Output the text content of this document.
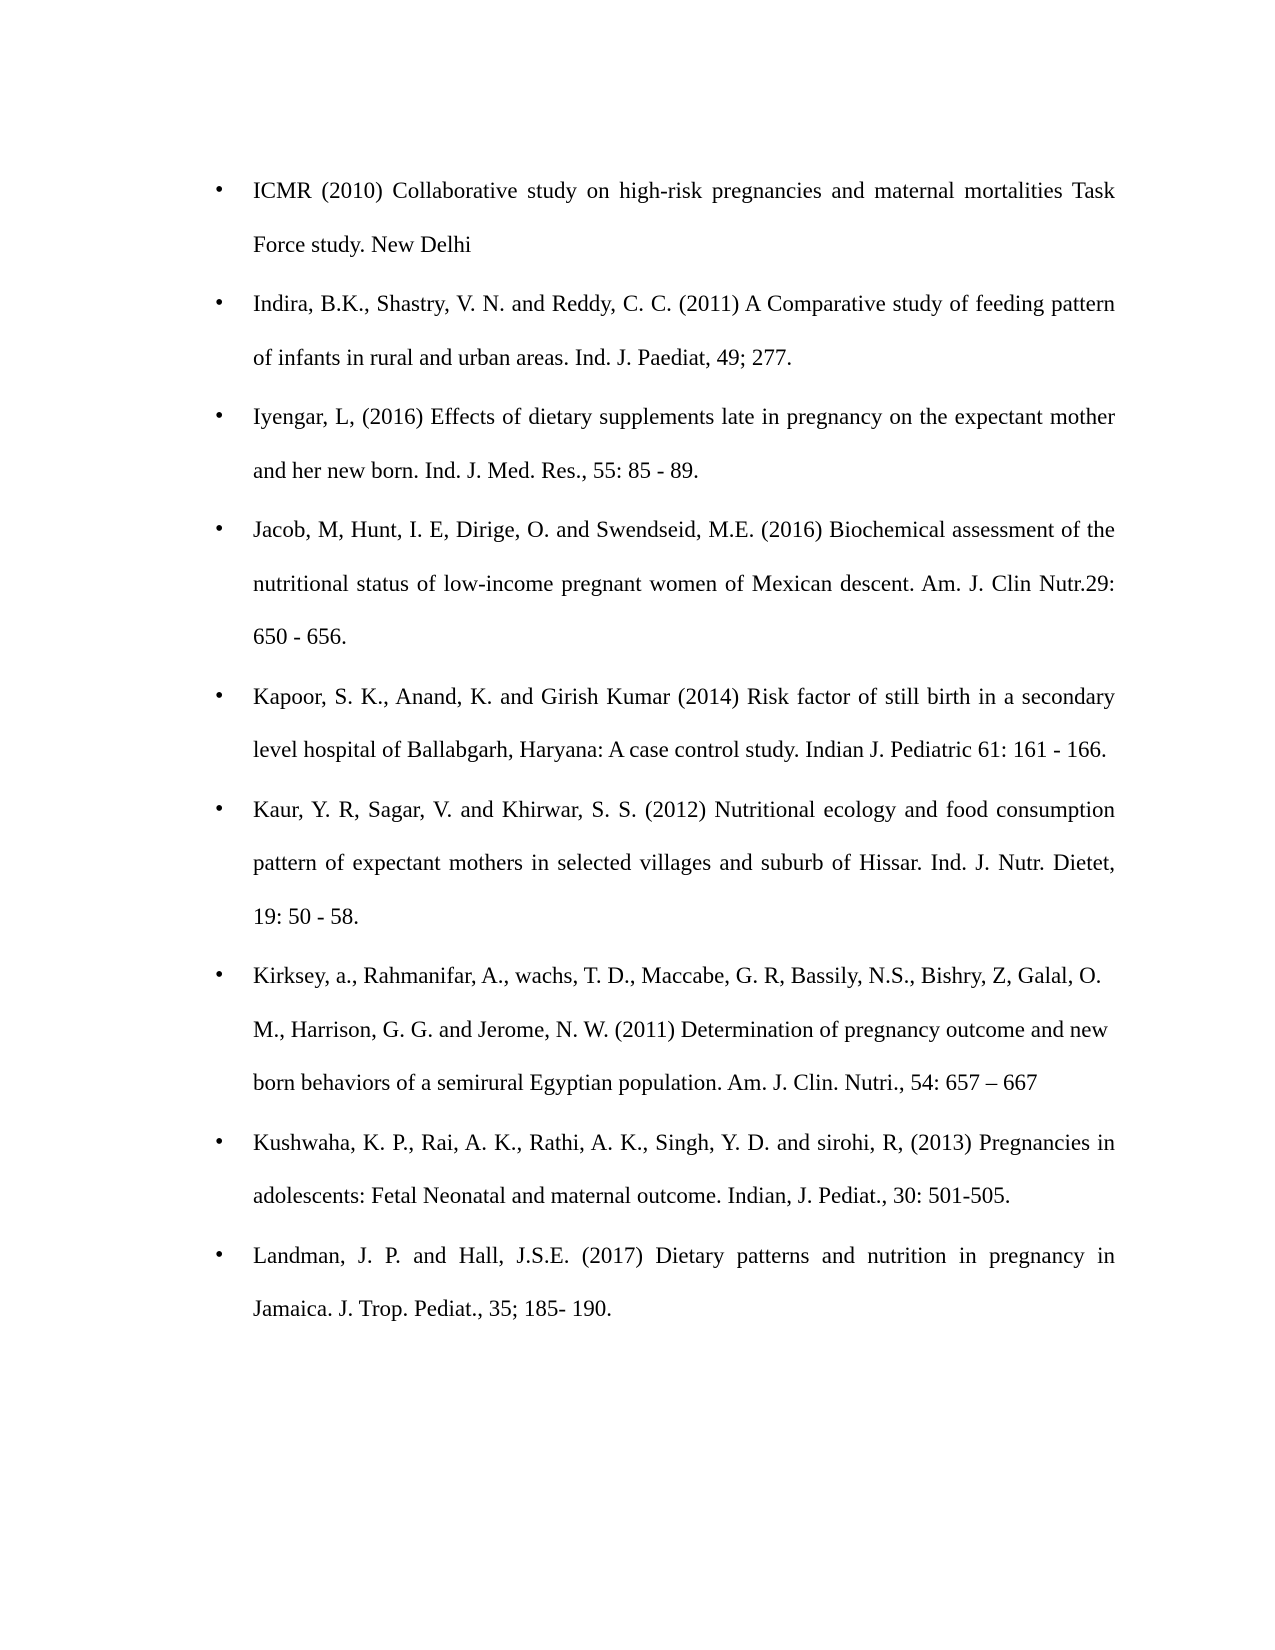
•	ICMR (2010) Collaborative study on high-risk pregnancies and maternal mortalities Task Force study. New Delhi
•	Indira, B.K., Shastry, V. N. and Reddy, C. C. (2011) A Comparative study of feeding pattern of infants in rural and urban areas. Ind. J. Paediat, 49; 277.
•	Iyengar, L, (2016) Effects of dietary supplements late in pregnancy on the expectant mother and her new born. Ind. J. Med. Res., 55: 85 - 89.
•	Jacob, M, Hunt, I. E, Dirige, O. and Swendseid, M.E. (2016) Biochemical assessment of the nutritional status of low-income pregnant women of Mexican descent. Am. J. Clin Nutr.29: 650 - 656.
•	Kapoor, S. K., Anand, K. and Girish Kumar (2014) Risk factor of still birth in a secondary level hospital of Ballabgarh, Haryana: A case control study. Indian J. Pediatric 61: 161 - 166.
•	Kaur, Y. R, Sagar, V. and Khirwar, S. S. (2012) Nutritional ecology and food consumption pattern of expectant mothers in selected villages and suburb of Hissar. Ind. J. Nutr. Dietet, 19: 50 - 58.
•	Kirksey, a., Rahmanifar, A., wachs, T. D., Maccabe, G. R, Bassily, N.S., Bishry, Z, Galal, O. M., Harrison, G. G. and Jerome, N. W. (2011) Determination of pregnancy outcome and new born behaviors of a semirural Egyptian population. Am. J. Clin. Nutri., 54: 657 – 667
•	Kushwaha, K. P., Rai, A. K., Rathi, A. K., Singh, Y. D. and sirohi, R, (2013) Pregnancies in adolescents: Fetal Neonatal and maternal outcome. Indian, J. Pediat., 30: 501-505.
•	Landman, J. P. and Hall, J.S.E. (2017) Dietary patterns and nutrition in pregnancy in Jamaica. J. Trop. Pediat., 35; 185- 190.
